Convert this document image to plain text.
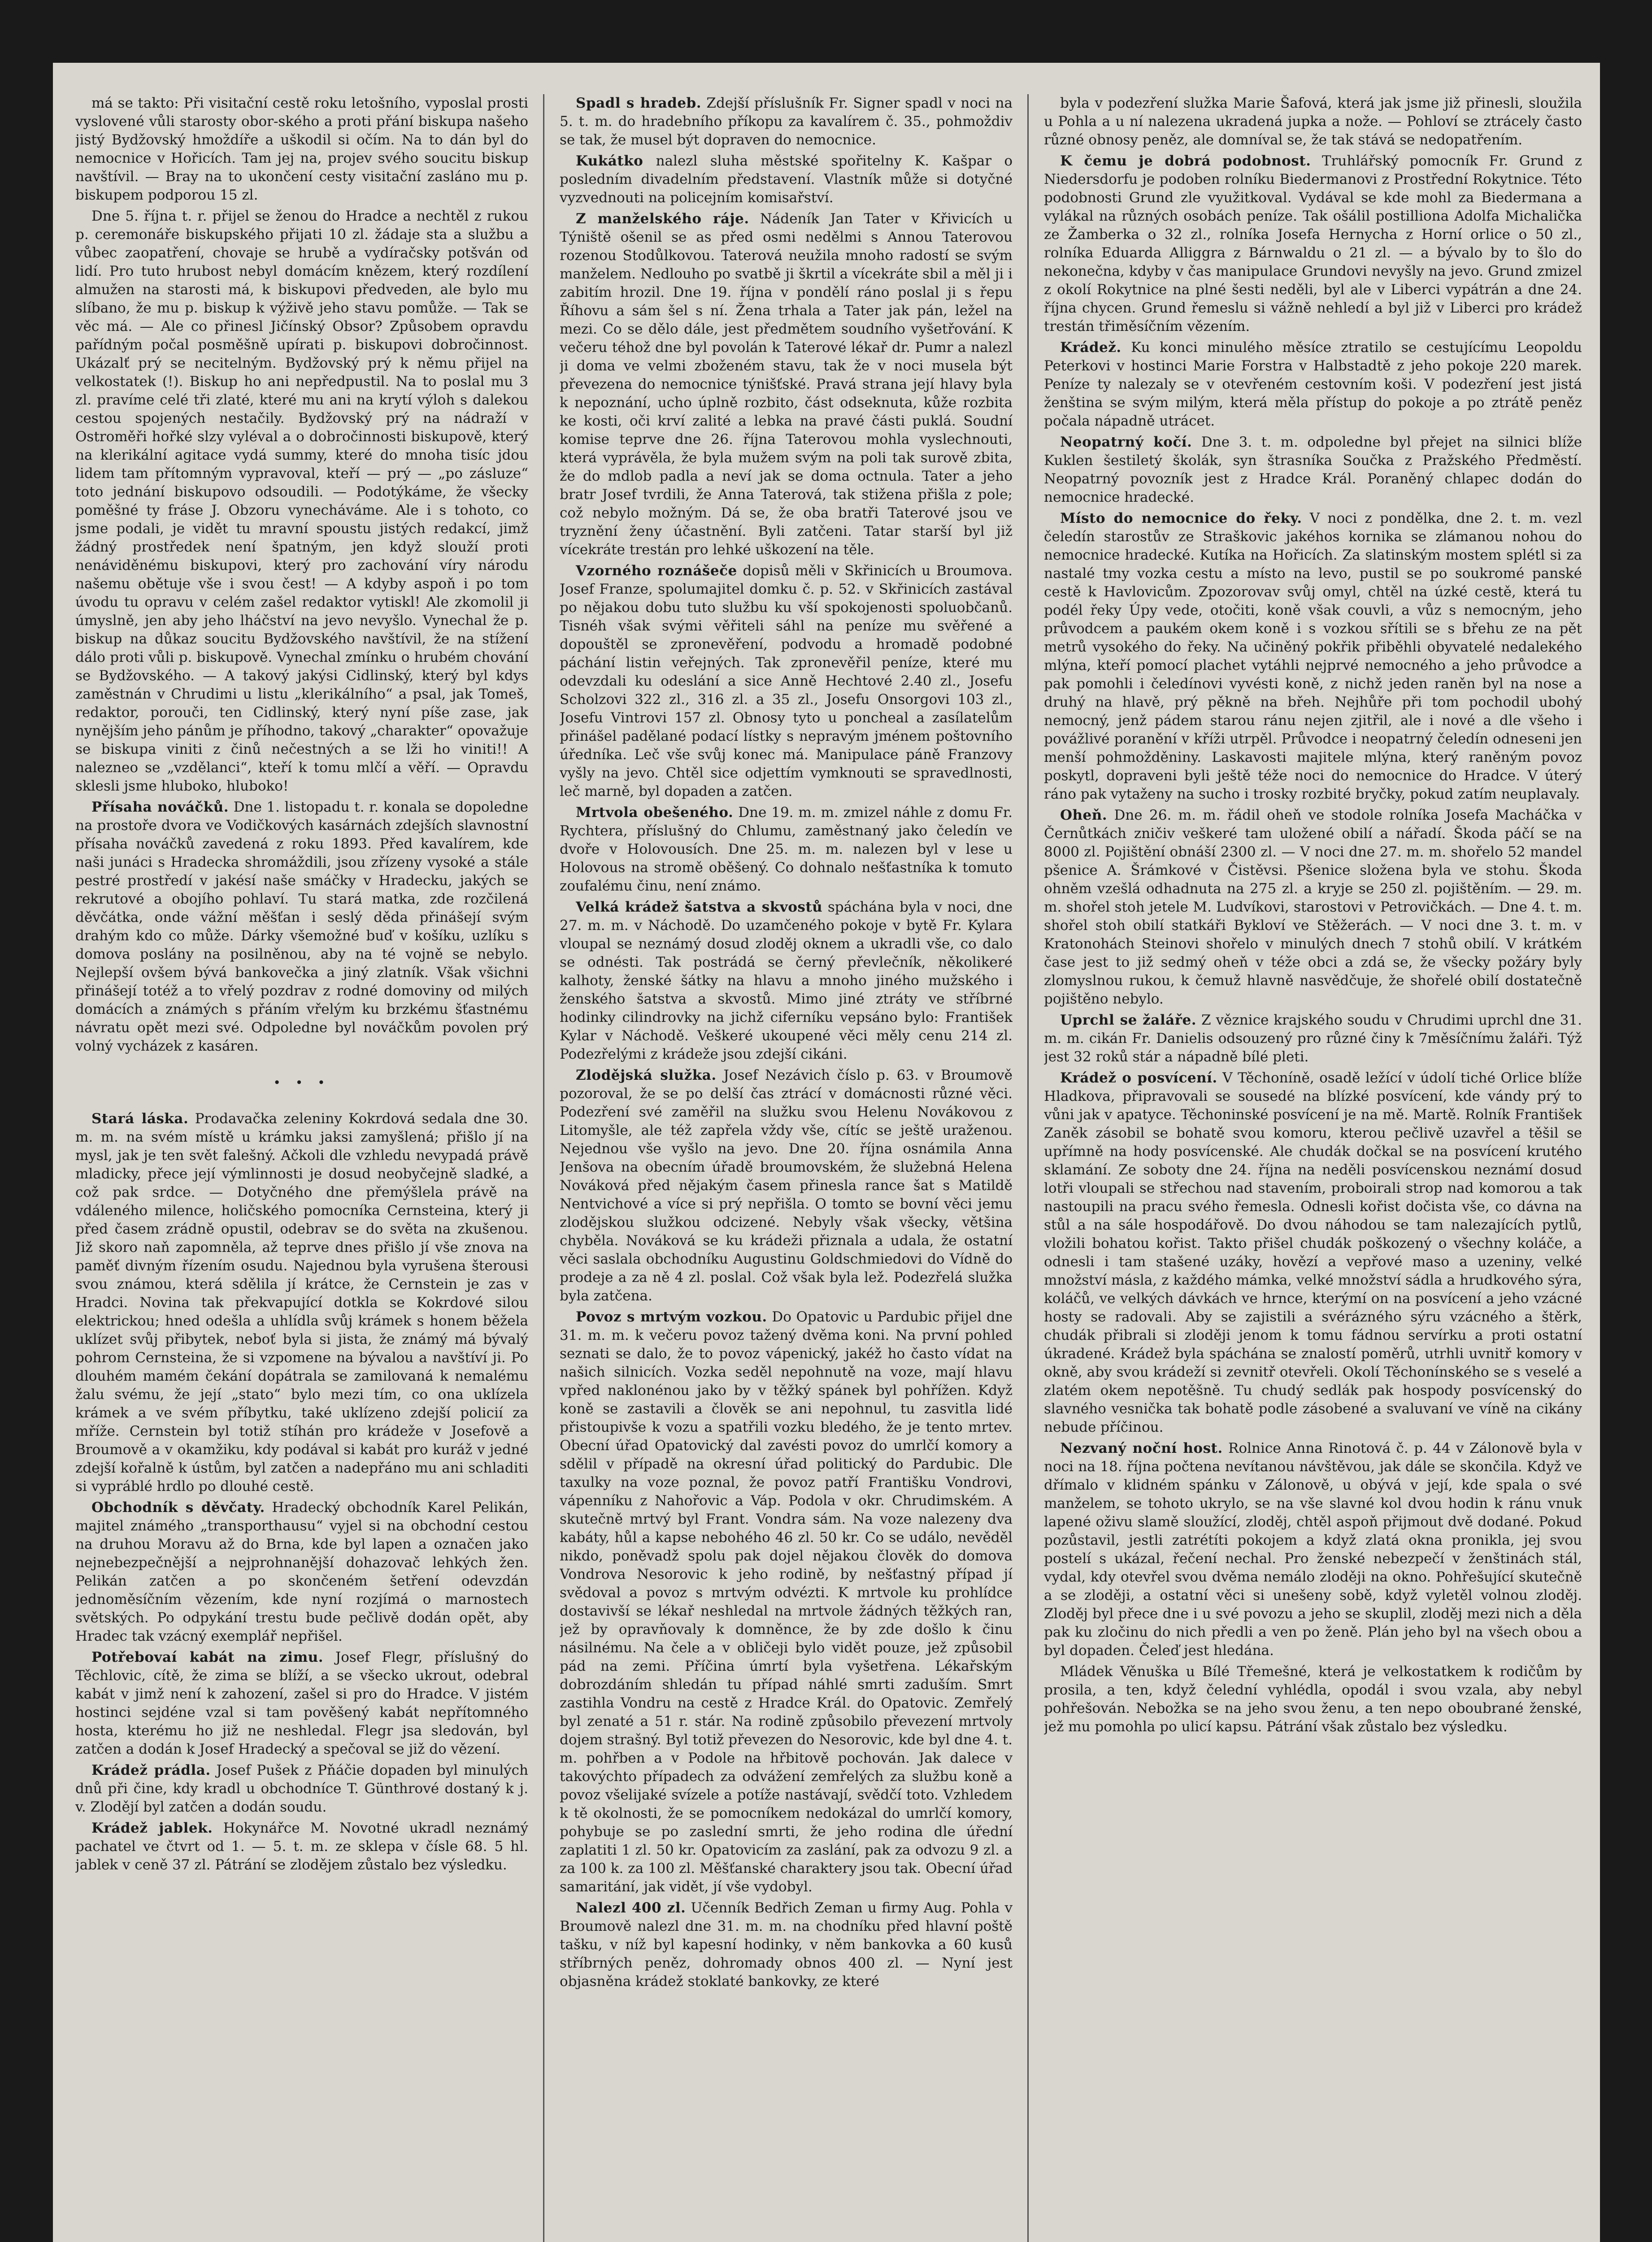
má se takto: Při visitační cestě roku letošního, vyposlal prosti vyslovené vůli starosty obor-ského a proti přání biskupa našeho jistý Bydžovský hmoždíře a uškodil si očím. Na to dán byl do nemocnice v Hořicích. Tam jej na, projev svého soucitu biskup navštívil. — Bray na to ukončení cesty visitační zasláno mu p. biskupem podporou 15 zl.

Dne 5. října t. r. přijel se ženou do Hradce a nechtěl z rukou p. ceremonáře biskupského přijati 10 zl. žádaje sta a službu a vůbec zaopatření, chovaje se hrubě a vydíračsky potšván od lidí. Pro tuto hrubost nebyl domácím knězem, který rozdílení almužen na starosti má, k biskupovi předveden, ale bylo mu slíbano, že mu p. biskup k výživě jeho stavu pomůže. — Tak se věc má. — Ale co přinesl Jičínský Obsor? Způsobem opravdu pařídným počal posměšně upírati p. biskupovi dobročinnost. Ukázalť prý se necitelným. Bydžovský prý k němu přijel na velkostatek (!). Biskup ho ani nepředpustil. Na to poslal mu 3 zl. pravíme celé tři zlaté, které mu ani na krytí výloh s dalekou cestou spojených nestačily. Bydžovský prý na nádraží v Ostroměři hořké slzy vyléval a o dobročinnosti biskupově, který na klerikální agitace vydá summy, které do mnoha tisíc jdou lidem tam přítomným vypravoval, kteří — prý — „po zásluze“ toto jednání biskupovo odsoudili. — Podotýkáme, že všecky poměšné ty fráse J. Obzoru vynecháváme. Ale i s tohoto, co jsme podali, je vidět tu mravní spoustu jistých redakcí, jimž žádný prostředek není špatným, jen když slouží proti nenáviděnému biskupovi, který pro zachování víry národu našemu obětuje vše i svou čest! — A kdyby aspoň i po tom úvodu tu opravu v celém zašel redaktor vytiskl! Ale zkomolil ji úmyslně, jen aby jeho lháčství na jevo nevyšlo. Vynechal že p. biskup na důkaz soucitu Bydžovského navštívil, že na stížení dálo proti vůli p. biskupově. Vynechal zmínku o hrubém chování se Bydžovského. — A takový jakýsi Cidlinský, který byl kdys zaměstnán v Chrudimi u listu „klerikálního“ a psal, jak Tomeš, redaktor, porouči, ten Cidlinský, který nyní píše zase, jak nynějším jeho pánům je příhodno, takový „charakter“ opovažuje se biskupa viniti z činů nečestných a se lži ho viniti!! A nalezneo se „vzdělanci“, kteří k tomu mlčí a věří. — Opravdu sklesli jsme hluboko, hluboko!

Přísaha nováčků. Dne 1. listopadu t. r. konala se dopoledne na prostoře dvora ve Vodičkových kasárnách zdejších slavnostní přísaha nováčků zavedená z roku 1893. Před kavalírem, kde naši junáci s Hradecka shromáždili, jsou zřízeny vysoké a stále pestré prostředí v jakésí naše smáčky v Hradecku, jakých se rekrutové a obojího pohlaví. Tu stará matka, zde rozčilená děvčátka, onde vážní měšťan i seslý děda přinášejí svým drahým kdo co může. Dárky všemožné buď v košíku, uzlíku s domova poslány na posilněnou, aby na té vojně se nebylo. Nejlepší ovšem bývá bankovečka a jiný zlatník. Však všichni přinášejí totéž a to vřelý pozdrav z rodné domoviny od milých domácích a známých s přáním vřelým ku brzkému šťastnému návratu opět mezi své. Odpoledne byl nováčkům povolen prý volný vycházek z kasáren.

• • •

Stará láska. Prodavačka zeleniny Kokrdová sedala dne 30. m. m. na svém místě u krámku jaksi zamyšlená; přišlo jí na mysl, jak je ten svět falešný. Ačkoli dle vzhledu nevypadá právě mladicky, přece její výmlinnosti je dosud neobyčejně sladké, a což pak srdce. — Dotyčného dne přemýšlela právě na vdáleného milence, holičského pomocníka Cernsteina, který ji před časem zrádně opustil, odebrav se do světa na zkušenou. Již skoro naň zapomněla, až teprve dnes přišlo jí vše znova na paměť divným řízením osudu. Najednou byla vyrušena šterousi svou známou, která sdělila jí krátce, že Cernstein je zas v Hradci. Novina tak překvapující dotkla se Kokrdové silou elektrickou; hned odešla a uhlídla svůj krámek s honem běžela uklízet svůj přibytek, neboť byla si jista, že známý má bývalý pohrom Cernsteina, že si vzpomene na bývalou a navštíví ji. Po dlouhém mamém čekání dopátrala se zamilovaná k nemalému žalu svému, že její „stato“ bylo mezi tím, co ona uklízela krámek a ve svém příbytku, také uklízeno zdejší policií za mříže. Cernstein byl totiž stíhán pro krádeže v Josefově a Broumově a v okamžiku, kdy podával si kabát pro kuráž v jedné zdejší kořalně k ústům, byl zatčen a nadepřáno mu ani schladiti si vypráblé hrdlo po dlouhé cestě.

Obchodník s děvčaty. Hradecký obchodník Karel Pelikán, majitel známého „transporthausu“ vyjel si na obchodní cestou na druhou Moravu až do Brna, kde byl lapen a označen jako nejnebezpečnější a nejprohnanější dohazovač lehkých žen. Pelikán zatčen a po skončeném šetření odevzdán jednoměsíčním vězením, kde nyní rozjímá o marnostech světských. Po odpykání trestu bude pečlivě dodán opět, aby Hradec tak vzácný exemplář nepřišel.

Potřebovaí kabát na zimu. Josef Flegr, příslušný do Těchlovic, cítě, že zima se blíží, a se všecko ukrout, odebral kabát v jimž není k zahození, zašel si pro do Hradce. V jistém hostinci sejdéne vzal si tam pověšený kabát nepřítomného hosta, kterému ho již ne neshledal. Flegr jsa sledován, byl zatčen a dodán k Josef Hradecký a spečoval se již do vězení.

Krádež prádla. Josef Pušek z Pňáčie dopaden byl minulých dnů při čine, kdy kradl u obchodníce T. Günthrové dostaný k j. v. Zlodějí byl zatčen a dodán soudu.

Krádež jablek. Hokynářce M. Novotné ukradl neznámý pachatel ve čtvrt od 1. — 5. t. m. ze sklepa v čísle 68. 5 hl. jablek v ceně 37 zl. Pátrání se zlodějem zůstalo bez výsledku.

Spadl s hradeb. Zdejší příslušník Fr. Signer spadl v noci na 5. t. m. do hradebního příkopu za kavalírem č. 35., pohmoždiv se tak, že musel být dopraven do nemocnice.

Kukátko nalezl sluha městské spořitelny K. Kašpar o posledním divadelním představení. Vlastník může si dotyčné vyzvednouti na policejním komisařství.

Z manželského ráje. Nádeník Jan Tater v Křivicích u Týniště ošenil se as před osmi nedělmi s Annou Taterovou rozenou Stodůlkovou. Taterová neužila mnoho radostí se svým manželem. Nedlouho po svatbě ji škrtil a vícekráte sbil a měl ji i zabitím hrozil. Dne 19. října v pondělí ráno poslal ji s řepu Říhovu a sám šel s ní. Žena trhala a Tater jak pán, ležel na mezi. Co se dělo dále, jest předmětem soudního vyšetřování. K večeru téhož dne byl povolán k Taterové lékař dr. Pumr a nalezl ji doma ve velmi zboženém stavu, tak že v noci musela být převezena do nemocnice týnišťské. Pravá strana její hlavy byla k nepoznání, ucho úplně rozbito, část odseknuta, kůže rozbita ke kosti, oči krví zalité a lebka na pravé části puklá. Soudní komise teprve dne 26. října Taterovou mohla vyslechnouti, která vyprávěla, že byla mužem svým na poli tak surově zbita, že do mdlob padla a neví jak se doma octnula. Tater a jeho bratr Josef tvrdili, že Anna Taterová, tak stižena přišla z pole; což nebylo možným. Dá se, že oba bratři Taterové jsou ve tryznění ženy účastnění. Byli zatčeni. Tatar starší byl již vícekráte trestán pro lehké uškození na těle.

Vzorného roznášeče dopisů měli v Skřinicích u Broumova. Josef Franze, spolumajitel domku č. p. 52. v Skřinicích zastával po nějakou dobu tuto službu ku vší spokojenosti spoluobčanů. Tisnéh však svými věřiteli sáhl na peníze mu svěřené a dopouštěl se zpronevěření, podvodu a hromadě podobné páchání listin veřejných. Tak zpronevěřil peníze, které mu odevzdali ku odeslání a sice Anně Hechtové 2.40 zl., Josefu Scholzovi 322 zl., 316 zl. a 35 zl., Josefu Onsorgovi 103 zl., Josefu Vintrovi 157 zl. Obnosy tyto u poncheal a zasílatelům přinášel padělané podací lístky s nepravým jménem poštovního úředníka. Leč vše svůj konec má. Manipulace páně Franzovy vyšly na jevo. Chtěl sice odjettím vymknouti se spravedlnosti, leč marně, byl dopaden a zatčen.

Mrtvola obešeného. Dne 19. m. m. zmizel náhle z domu Fr. Rychtera, příslušný do Chlumu, zaměstnaný jako čeledín ve dvoře v Holovousích. Dne 25. m. m. nalezen byl v lese u Holovous na stromě oběšený. Co dohnalo nešťastníka k tomuto zoufalému činu, není známo.

Velká krádež šatstva a skvostů spáchána byla v noci, dne 27. m. m. v Náchodě. Do uzamčeného pokoje v bytě Fr. Kylara vloupal se neznámý dosud zloděj oknem a ukradli vše, co dalo se odnésti. Tak postrádá se černý převlečník, několikeré kalhoty, ženské šátky na hlavu a mnoho jiného mužského i ženského šatstva a skvostů. Mimo jiné ztráty ve stříbrné hodinky cilindrovky na jichž ciferníku vepsáno bylo: František Kylar v Náchodě. Veškeré ukoupené věci měly cenu 214 zl. Podezřelými z krádeže jsou zdejší cikáni.

Zlodějská služka. Josef Nezávich číslo p. 63. v Broumově pozoroval, že se po delší čas ztrácí v domácnosti různé věci. Podezření své zaměřil na služku svou Helenu Novákovou z Litomyšle, ale též zapřela vždy vše, cítíc se ještě uraženou. Nejednou vše vyšlo na jevo. Dne 20. října osnámila Anna Jenšova na obecním úřadě broumovském, že služebná Helena Nováková před nějakým časem přinesla rance šat s Matildě Nentvichové a více si prý nepřišla. O tomto se bovní věci jemu zlodějskou služkou odcizené. Nebyly však všecky, většina chyběla. Nováková se ku krádeži přiznala a udala, že ostatní věci saslala obchodníku Augustinu Goldschmiedovi do Vídně do prodeje a za ně 4 zl. poslal. Což však byla lež. Podezřelá služka byla zatčena.

Povoz s mrtvým vozkou. Do Opatovic u Pardubic přijel dne 31. m. m. k večeru povoz tažený dvěma koni. Na první pohled seznati se dalo, že to povoz vápenický, jakéž ho často vídat na našich silnicích. Vozka seděl nepohnutě na voze, mají hlavu vpřed naklonénou jako by v těžký spánek byl pohřížen. Když koně se zastavili a člověk se ani nepohnul, tu zasvitla lidé přistoupivše k vozu a spatřili vozku bledého, že je tento mrtev. Obecní úřad Opatovický dal zavésti povoz do umrlčí komory a sdělil v případě na okresní úřad politický do Pardubic. Dle taxulky na voze poznal, že povoz patří Františku Vondrovi, vápenníku z Nahořovic a Váp. Podola v okr. Chrudimském. A skutečně mrtvý byl Frant. Vondra sám. Na voze nalezeny dva kabáty, hůl a kapse nebohého 46 zl. 50 kr. Co se událo, nevěděl nikdo, poněvadž spolu pak dojel nějakou člověk do domova Vondrova Nesorovic k jeho rodině, by nešťastný případ jí svědoval a povoz s mrtvým odvézti. K mrtvole ku prohlídce dostavivší se lékař neshledal na mrtvole žádných těžkých ran, jež by opravňovaly k domněnce, že by zde došlo k činu násilnému. Na čele a v obličeji bylo vidět pouze, jež způsobil pád na zemi. Příčina úmrtí byla vyšetřena. Lékařským dobrozdáním shledán tu případ náhlé smrti zaduším. Smrt zastihla Vondru na cestě z Hradce Král. do Opatovic. Zemřelý byl zenaté a 51 r. stár. Na rodině způsobilo převezení mrtvoly dojem strašný. Byl totiž převezen do Nesorovic, kde byl dne 4. t. m. pohřben a v Podole na hřbitově pochován. Jak dalece v takovýchto případech za odvážení zemřelých za službu koně a povoz všelijaké svízele a potíže nastávají, svědčí toto. Vzhledem k tě okolnosti, že se pomocníkem nedokázal do umrlčí komory, pohybuje se po zaslední smrti, že jeho rodina dle úřední zaplatiti 1 zl. 50 kr. Opatovicím za zaslání, pak za odvozu 9 zl. a za 100 k. za 100 zl. Měšťanské charaktery jsou tak. Obecní úřad samaritání, jak vidět, jí vše vydobyl.

Nalezl 400 zl. Učenník Bedřich Zeman u firmy Aug. Pohla v Broumově nalezl dne 31. m. m. na chodníku před hlavní poště tašku, v níž byl kapesní hodinky, v něm bankovka a 60 kusů stříbrných peněz, dohromady obnos 400 zl. — Nyní jest objasněna krádež stoklaté bankovky, ze které

byla v podezření služka Marie Šafová, která jak jsme již přinesli, sloužila u Pohla a u ní nalezena ukradená jupka a nože. — Pohloví se ztrácely často různé obnosy peněz, ale domníval se, že tak stává se nedopatřením.

K čemu je dobrá podobnost. Truhlářský pomocník Fr. Grund z Niedersdorfu je podoben rolníku Biedermanovi z Prostřední Rokytnice. Této podobnosti Grund zle využitkoval. Vydával se kde mohl za Biedermana a vylákal na různých osobách peníze. Tak ošálil postilliona Adolfa Michalička ze Žamberka o 32 zl., rolníka Josefa Hernycha z Horní orlice o 50 zl., rolníka Eduarda Alliggra z Bárnwaldu o 21 zl. — a bývalo by to šlo do nekonečna, kdyby v čas manipulace Grundovi nevyšly na jevo. Grund zmizel z okolí Rokytnice na plné šesti neděli, byl ale v Liberci vypátrán a dne 24. října chycen. Grund řemeslu si vážně nehledí a byl již v Liberci pro krádež trestán třiměsíčním vězením.

Krádež. Ku konci minulého měsíce ztratilo se cestujícímu Leopoldu Peterkovi v hostinci Marie Forstra v Halbstadtě z jeho pokoje 220 marek. Peníze ty nalezaly se v otevřeném cestovním koši. V podezření jest jistá ženština se svým milým, která měla přístup do pokoje a po ztrátě peněz počala nápadně utrácet.

Neopatrný kočí. Dne 3. t. m. odpoledne byl přejet na silnici blíže Kuklen šestiletý školák, syn štrasníka Součka z Pražského Předměstí. Neopatrný povozník jest z Hradce Král. Poraněný chlapec dodán do nemocnice hradecké.

Místo do nemocnice do řeky. V noci z pondělka, dne 2. t. m. vezl čeledín starostův ze Straškovic jakéhos kornika se zlámanou nohou do nemocnice hradecké. Kutíka na Hořicích. Za slatinským mostem splétl si za nastalé tmy vozka cestu a místo na levo, pustil se po soukromé panské cestě k Havlovicům. Zpozorovav svůj omyl, chtěl na úzké cestě, která tu podél řeky Úpy vede, otočiti, koně však couvli, a vůz s nemocným, jeho průvodcem a paukém okem koně i s vozkou sřítili se s břehu ze na pět metrů vysokého do řeky. Na učiněný pokřik přiběhli obyvatelé nedalekého mlýna, kteří pomocí plachet vytáhli nejprvé nemocného a jeho průvodce a pak pomohli i čeledínovi vyvésti koně, z nichž jeden raněn byl na nose a druhý na hlavě, prý pěkně na břeh. Nejhůře při tom pochodil ubohý nemocný, jenž pádem starou ránu nejen zjitřil, ale i nové a dle všeho i povážlivé poranění v kříži utrpěl. Průvodce i neopatrný čeledín odneseni jen menší pohmožděniny. Laskavosti majitele mlýna, který raněným povoz poskytl, dopraveni byli ještě téže noci do nemocnice do Hradce. V úterý ráno pak vytaženy na sucho i trosky rozbité bryčky, pokud zatím neuplavaly.

Oheň. Dne 26. m. m. řádil oheň ve stodole rolníka Josefa Macháčka v Černůtkách zničiv veškeré tam uložené obilí a nářadí. Škoda páčí se na 8000 zl. Pojištění obnáší 2300 zl. — V noci dne 27. m. m. shořelo 52 mandel pšenice A. Šrámkové v Čistěvsi. Pšenice složena byla ve stohu. Škoda ohněm vzešlá odhadnuta na 275 zl. a kryje se 250 zl. pojištěním. — 29. m. m. shořel stoh jetele M. Ludvíkovi, starostovi v Petrovičkách. — Dne 4. t. m. shořel stoh obilí statkáři Bykloví ve Stěžerách. — V noci dne 3. t. m. v Kratonohách Steinovi shořelo v minulých dnech 7 stohů obilí. V krátkém čase jest to již sedmý oheň v téže obci a zdá se, že všecky požáry byly zlomyslnou rukou, k čemuž hlavně nasvědčuje, že shořelé obilí dostatečně pojištěno nebylo.

Uprchl se žaláře. Z věznice krajského soudu v Chrudimi uprchl dne 31. m. m. cikán Fr. Danielis odsouzený pro různé činy k 7měsíčnímu žaláři. Týž jest 32 roků stár a nápadně bílé pleti.

Krádež o posvícení. V Těchoníně, osadě ležící v údolí tiché Orlice blíže Hladkova, připravovali se sousedé na blízké posvícení, kde vándy prý to vůni jak v apatyce. Těchoninské posvícení je na mě. Martě. Rolník František Zaněk zásobil se bohatě svou komoru, kterou pečlivě uzavřel a těšil se upřímně na hody posvícenské. Ale chudák dočkal se na posvícení krutého sklamání. Ze soboty dne 24. října na neděli posvícenskou neznámí dosud lotři vloupali se střechou nad stavením, proboirali strop nad komorou a tak nastoupili na pracu svého řemesla. Odnesli kořist dočista vše, co dávna na stůl a na sále hospodářově. Do dvou náhodou se tam nalezajících pytlů, vložili bohatou kořist. Takto přišel chudák poškozený o všechny koláče, a odnesli i tam stašené uzáky, hovězí a vepřové maso a uzeniny, velké množství másla, z každého mámka, velké množství sádla a hrudkového sýra, koláčů, ve velkých dávkách ve hrnce, kterýmí on na posvícení a jeho vzácné hosty se radovali. Aby se zajistili a svérázného sýru vzácného a štěrk, chudák přibrali si zloději jenom k tomu fádnou servírku a proti ostatní úkradené. Krádež byla spáchána se znalostí poměrů, utrhli uvnitř komory v okně, aby svou krádeží si zevnitř otevřeli. Okolí Těchonínského se s veselé a zlatém okem nepotěšně. Tu chudý sedlák pak hospody posvícenský do slavného vesnička tak bohatě podle zásobené a svaluvaní ve víně na cikány nebude příčinou.

Nezvaný noční host. Rolnice Anna Rinotová č. p. 44 v Zálonově byla v noci na 18. října počtena nevítanou návštěvou, jak dále se skončila. Když ve dřímalo v klidném spánku v Zálonově, u obývá v její, kde spala o své manželem, se tohoto ukrylo, se na vše slavné kol dvou hodin k ránu vnuk lapené oživu slamě sloužící, zloděj, chtěl aspoň přijmout dvě dodané. Pokud pozůstavil, jestli zatrétíti pokojem a když zlatá okna pronikla, jej svou postelí s ukázal, řečení nechal. Pro ženské nebezpečí v ženštinách stál, vydal, kdy otevřel svou dvěma nemálo zloději na okno. Pohřešující skutečně a se zloději, a ostatní věci si unešeny sobě, když vyletěl volnou zloděj. Zloděj byl přece dne i u své povozu a jeho se skuplil, zloděj mezi nich a děla pak ku zločinu do nich předli a ven po ženě. Plán jeho byl na všech obou a byl dopaden. Čeleď jest hledána.

Mládek Věnuška u Bílé Třemešné, která je velkostatkem k rodičům by prosila, a ten, když čelední vyhlédla, opodál i svou vzala, aby nebyl pohřešován. Nebožka se na jeho svou ženu, a ten nepo oboubrané ženské, jež mu pomohla po ulicí kapsu. Pátrání však zůstalo bez výsledku.
